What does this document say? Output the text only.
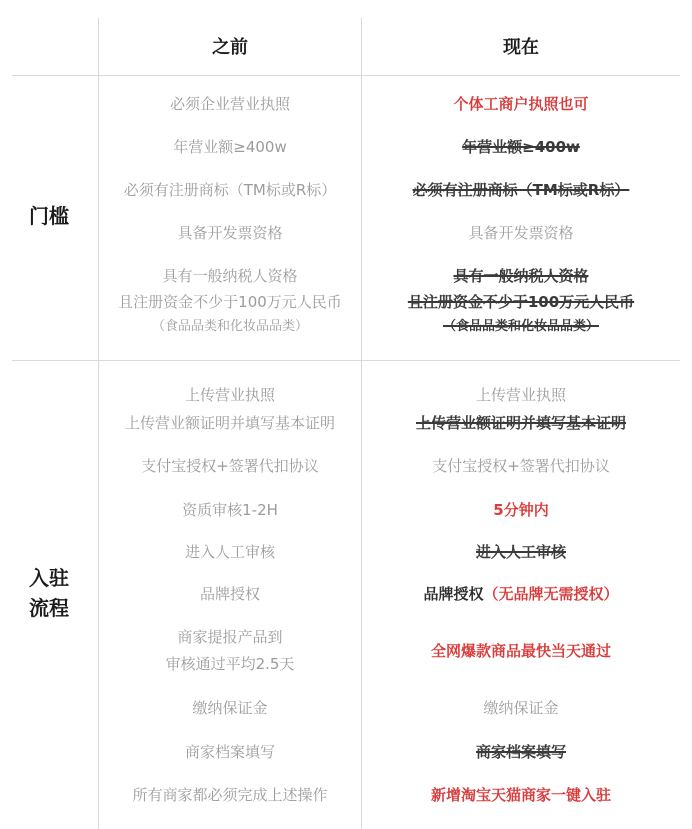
之前	现在
门槛
入驻
流程
必须企业营业执照
年营业额≥400w
必须有注册商标（TM标或R标）
具备开发票资格
具有一般纳税人资格
且注册资金不少于100万元人民币
（食品品类和化妆品品类）
个体工商户执照也可
年营业额≥400w
必须有注册商标（TM标或R标）
具备开发票资格
具有一般纳税人资格
且注册资金不少于100万元人民币
（食品品类和化妆品品类）
上传营业执照
上传营业额证明并填写基本证明
支付宝授权+签署代扣协议
资质审核1-2H
进入人工审核
品牌授权
商家提报产品到
审核通过平均2.5天
缴纳保证金
商家档案填写
所有商家都必须完成上述操作
上传营业执照
上传营业额证明并填写基本证明
支付宝授权+签署代扣协议
5分钟内
进入人工审核
品牌授权（无品牌无需授权）
全网爆款商品最快当天通过
缴纳保证金
商家档案填写
新增淘宝天猫商家一键入驻
